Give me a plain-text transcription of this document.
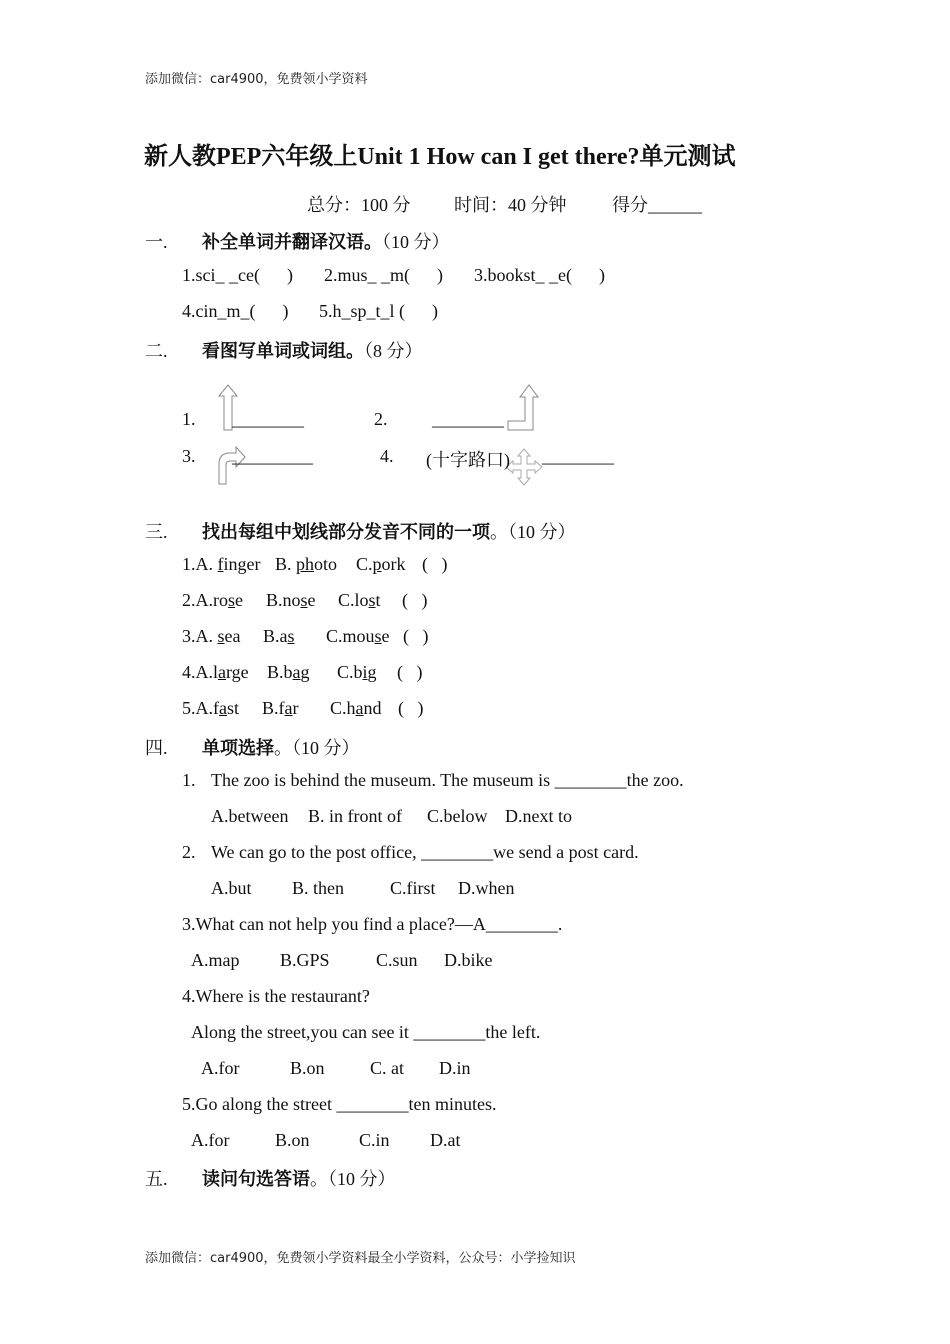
添加微信：car4900，免费领小学资料
新人教PEP六年级上Unit 1 How can I get there?单元测试
总分：100 分 时间：40 分钟	得分______
一. 补全单词并翻译汉语。（10 分）
1.sci_ _ce(      ) 2.mus_ _m(      ) 3.bookst_ _e(      )
4.cin_m_(      ) 5.h_sp_t_l (      )
二. 看图写单词或词组。（8 分）
1. ________	2. ________
3. _________	4. (十字路口) ________
三. 找出每组中划线部分发音不同的一项。（10 分）
1.A. finger B. photo C.pork (   )
2.A.rose B.nose C.lost (   )
3.A. sea B.as C.mouse (   )
4.A.large B.bag C.big (   )
5.A.fast B.far C.hand (   )
四. 单项选择。（10 分）
1. The zoo is behind the museum. The museum is ________the zoo.
A.between B. in front of C.below D.next to
2. We can go to the post office, ________we send a post card.
A.but B. then	C.first D.when
3.What can not help you find a place?—A________.
A.map B.GPS	C.sun D.bike
4.Where is the restaurant?
Along the street,you can see it ________the left.
A.for	B.on	C. at D.in
5.Go along the street ________ten minutes.
A.for	B.on	C.in D.at
五. 读问句选答语。（10 分）
添加微信：car4900，免费领小学资料最全小学资料，公众号：小学捡知识
